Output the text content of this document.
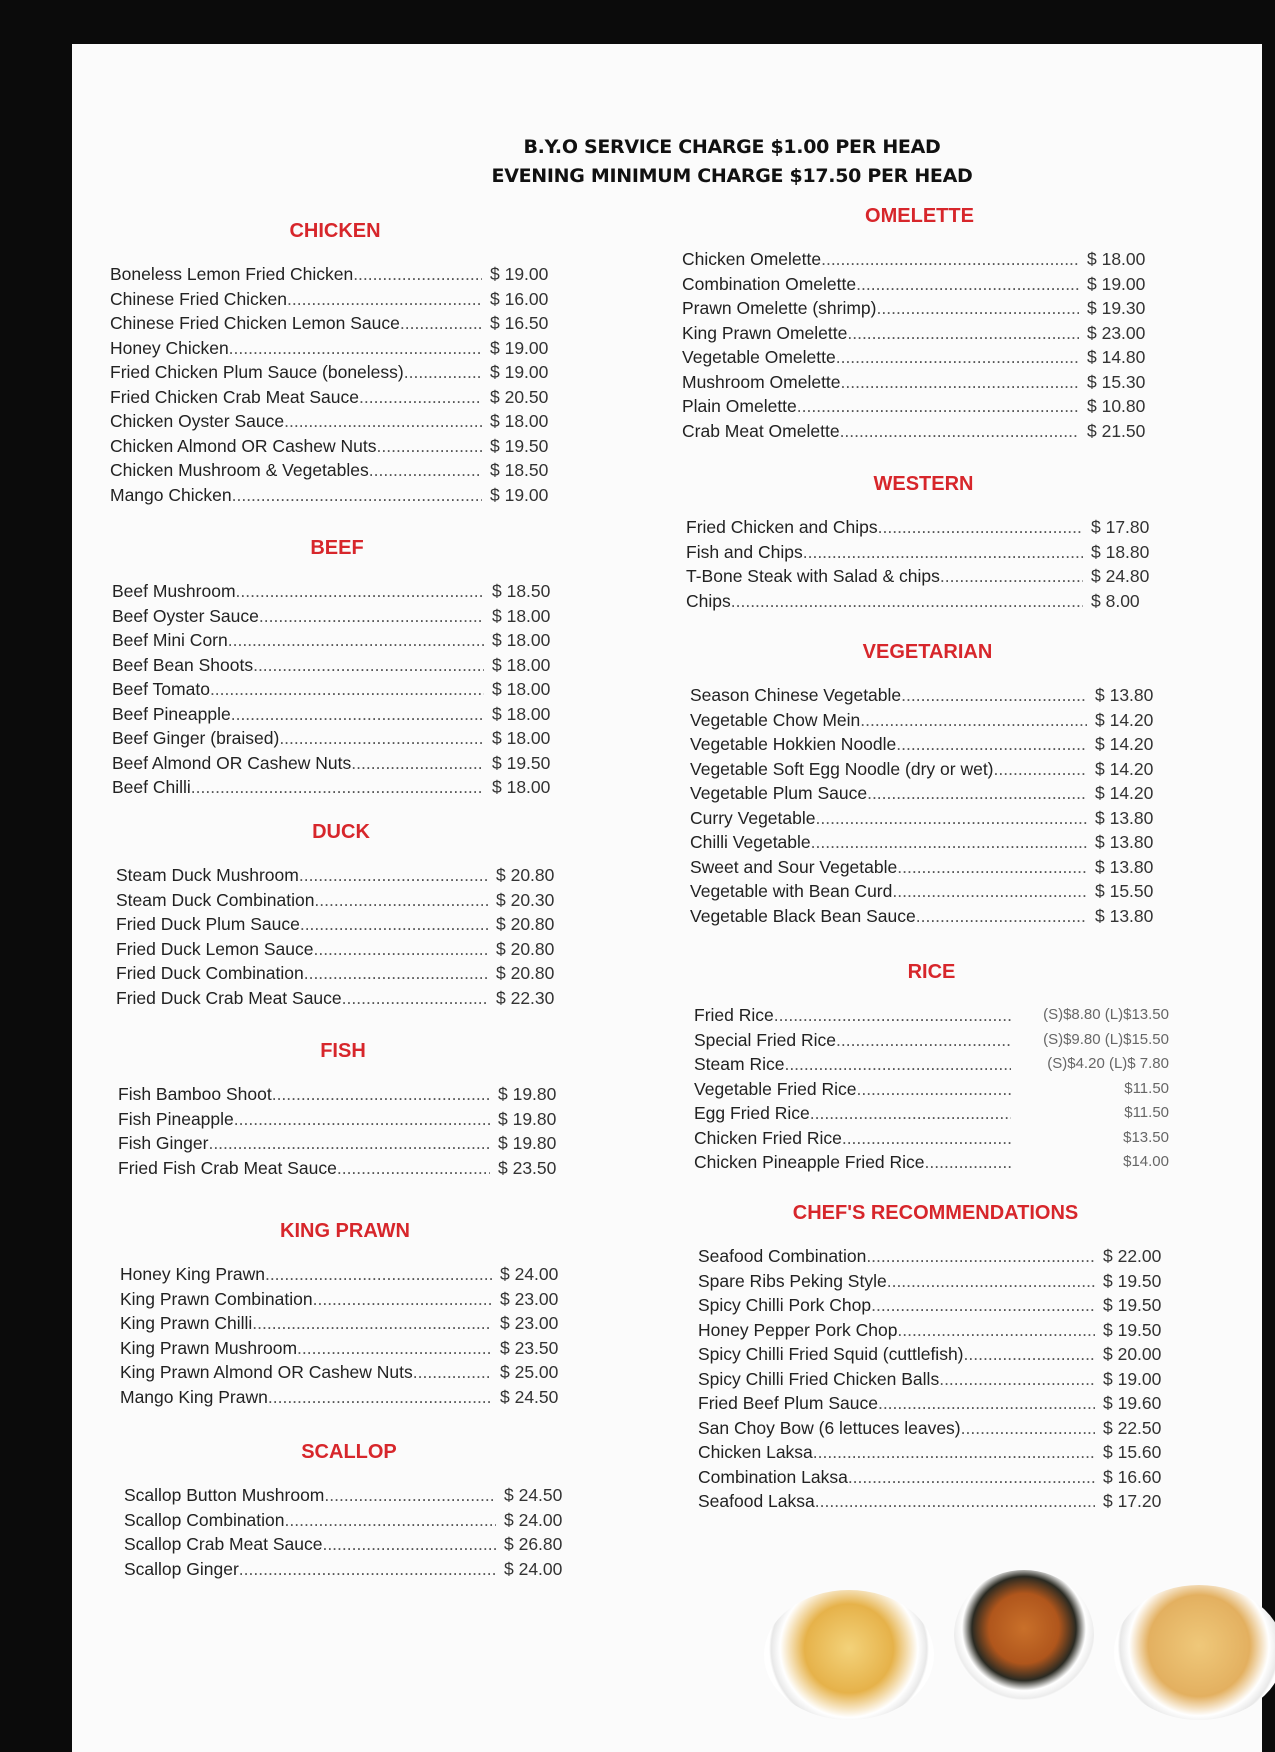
B.Y.O SERVICE CHARGE $1.00 PER HEAD
EVENING MINIMUM CHARGE $17.50 PER HEAD
CHICKEN
Boneless Lemon Fried Chicken .....	$ 19.00
Chinese Fried Chicken .....	$ 16.00
Chinese Fried Chicken Lemon Sauce .....	$ 16.50
Honey Chicken .....	$ 19.00
Fried Chicken Plum Sauce (boneless) .....	$ 19.00
Fried Chicken Crab Meat Sauce .....	$ 20.50
Chicken Oyster Sauce .....	$ 18.00
Chicken Almond OR Cashew Nuts .....	$ 19.50
Chicken Mushroom & Vegetables .....	$ 18.50
Mango Chicken .....	$ 19.00
BEEF
Beef Mushroom .....	$ 18.50
Beef Oyster Sauce .....	$ 18.00
Beef Mini Corn .....	$ 18.00
Beef Bean Shoots .....	$ 18.00
Beef Tomato .....	$ 18.00
Beef Pineapple .....	$ 18.00
Beef Ginger (braised) .....	$ 18.00
Beef Almond OR Cashew Nuts .....	$ 19.50
Beef Chilli .....	$ 18.00
DUCK
Steam Duck Mushroom .....	$ 20.80
Steam Duck Combination .....	$ 20.30
Fried Duck Plum Sauce .....	$ 20.80
Fried Duck Lemon Sauce .....	$ 20.80
Fried Duck Combination .....	$ 20.80
Fried Duck Crab Meat Sauce .....	$ 22.30
FISH
Fish Bamboo Shoot .....	$ 19.80
Fish Pineapple .....	$ 19.80
Fish Ginger .....	$ 19.80
Fried Fish Crab Meat Sauce .....	$ 23.50
KING PRAWN
Honey King Prawn .....	$ 24.00
King Prawn Combination .....	$ 23.00
King Prawn Chilli .....	$ 23.00
King Prawn Mushroom .....	$ 23.50
King Prawn Almond OR Cashew Nuts .....	$ 25.00
Mango King Prawn .....	$ 24.50
SCALLOP
Scallop Button Mushroom .....	$ 24.50
Scallop Combination .....	$ 24.00
Scallop Crab Meat Sauce .....	$ 26.80
Scallop Ginger .....	$ 24.00
OMELETTE
Chicken Omelette .....	$ 18.00
Combination Omelette .....	$ 19.00
Prawn Omelette (shrimp) .....	$ 19.30
King Prawn Omelette .....	$ 23.00
Vegetable Omelette .....	$ 14.80
Mushroom Omelette .....	$ 15.30
Plain Omelette .....	$ 10.80
Crab Meat Omelette .....	$ 21.50
WESTERN
Fried Chicken and Chips .....	$ 17.80
Fish and Chips .....	$ 18.80
T-Bone Steak with Salad & chips .....	$ 24.80
Chips .....	$ 8.00
VEGETARIAN
Season Chinese Vegetable .....	$ 13.80
Vegetable Chow Mein .....	$ 14.20
Vegetable Hokkien Noodle .....	$ 14.20
Vegetable Soft Egg Noodle (dry or wet) .....	$ 14.20
Vegetable Plum Sauce .....	$ 14.20
Curry Vegetable .....	$ 13.80
Chilli Vegetable .....	$ 13.80
Sweet and Sour Vegetable .....	$ 13.80
Vegetable with Bean Curd .....	$ 15.50
Vegetable Black Bean Sauce .....	$ 13.80
RICE
Fried Rice .....	(S)$8.80 (L)$13.50
Special Fried Rice .....	(S)$9.80 (L)$15.50
Steam Rice .....	(S)$4.20 (L)$ 7.80
Vegetable Fried Rice .....	$11.50
Egg Fried Rice .....	$11.50
Chicken Fried Rice .....	$13.50
Chicken Pineapple Fried Rice .....	$14.00
CHEF'S RECOMMENDATIONS
Seafood Combination .....	$ 22.00
Spare Ribs Peking Style .....	$ 19.50
Spicy Chilli Pork Chop .....	$ 19.50
Honey Pepper Pork Chop .....	$ 19.50
Spicy Chilli Fried Squid (cuttlefish) .....	$ 20.00
Spicy Chilli Fried Chicken Balls .....	$ 19.00
Fried Beef Plum Sauce .....	$ 19.60
San Choy Bow (6 lettuces leaves) .....	$ 22.50
Chicken Laksa .....	$ 15.60
Combination Laksa .....	$ 16.60
Seafood Laksa .....	$ 17.20
